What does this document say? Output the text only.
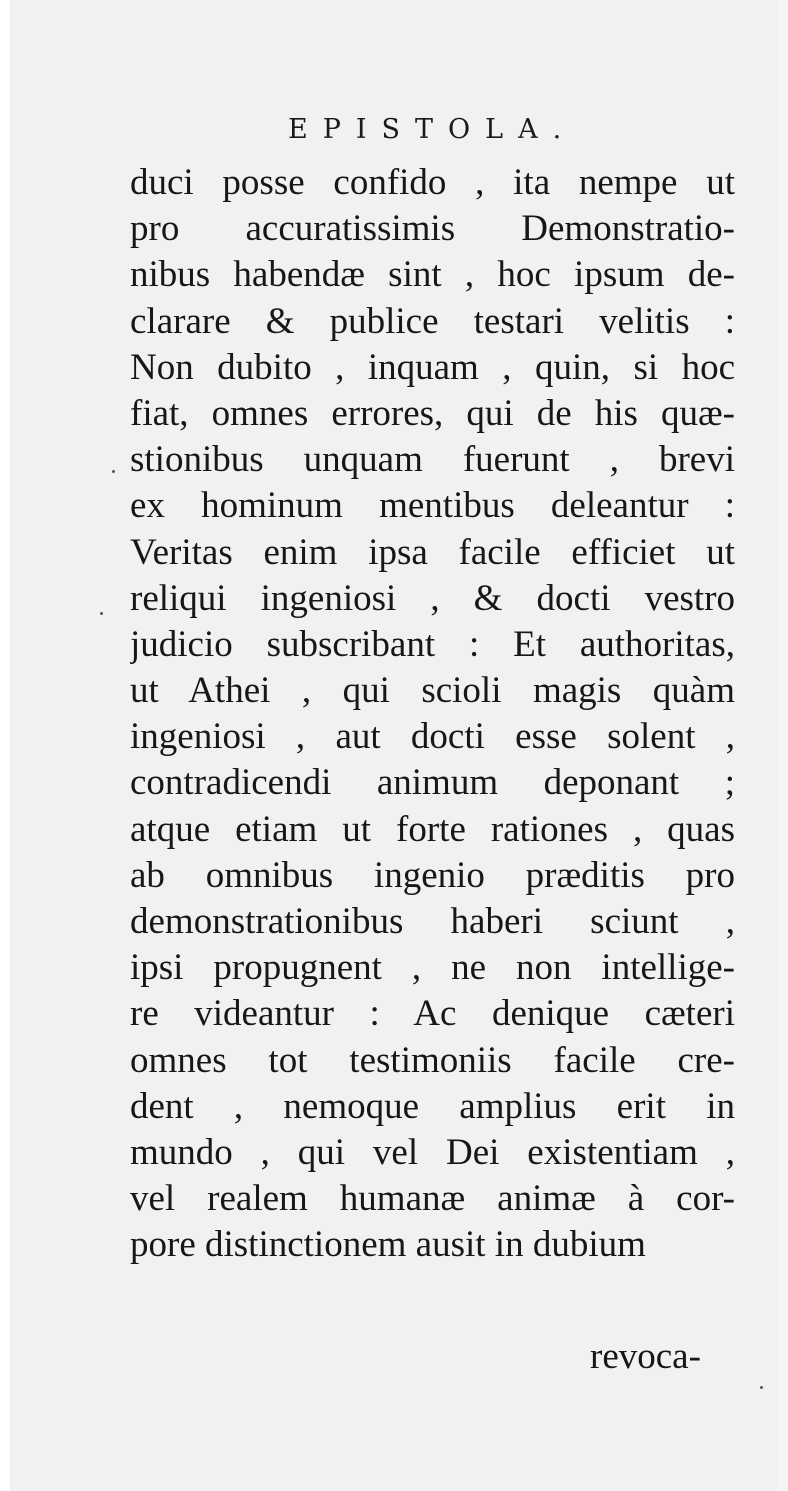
EPISTOLA.
duci posse confido , ita nempe ut
pro accuratissimis Demonstratio-
nibus habendæ sint , hoc ipsum de-
clarare & publice testari velitis :
Non dubito , inquam , quin, si hoc
fiat, omnes errores, qui de his quæ-
stionibus unquam fuerunt , brevi
ex hominum mentibus deleantur :
Veritas enim ipsa facile efficiet ut
reliqui ingeniosi , & docti vestro
judicio subscribant : Et authoritas,
ut Athei , qui scioli magis quàm
ingeniosi , aut docti esse solent ,
contradicendi animum deponant ;
atque etiam ut forte rationes , quas
ab omnibus ingenio præditis pro
demonstrationibus haberi sciunt ,
ipsi propugnent , ne non intellige-
re videantur : Ac denique cæteri
omnes tot testimoniis facile cre-
dent , nemoque amplius erit in
mundo , qui vel Dei existentiam ,
vel realem humanæ animæ à cor-
pore distinctionem ausit in dubium
revoca-
